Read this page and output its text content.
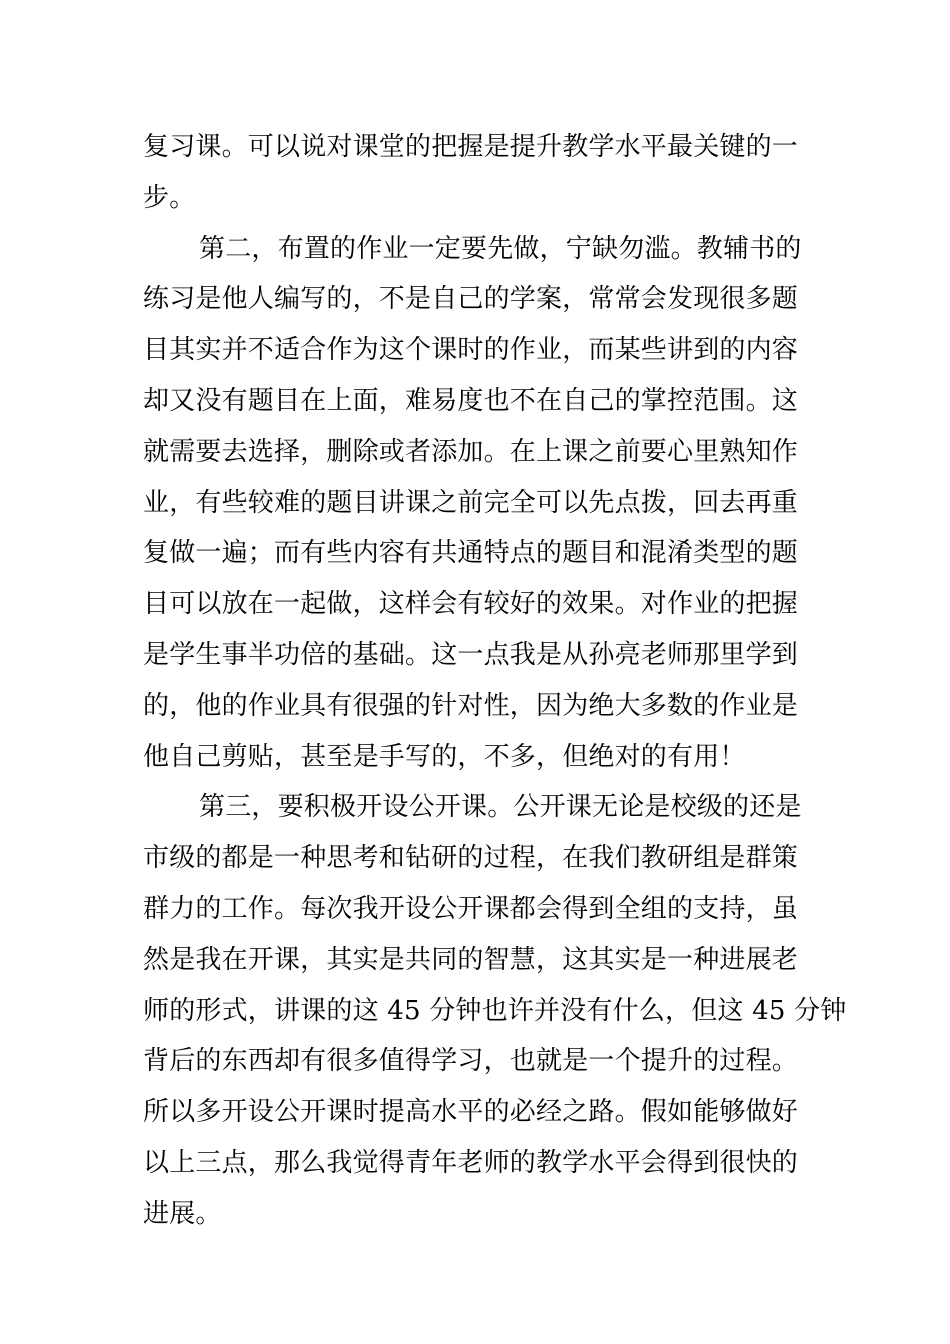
复习课。可以说对课堂的把握是提升教学水平最关键的一
步。
第二，布置的作业一定要先做，宁缺勿滥。教辅书的
练习是他人编写的，不是自己的学案，常常会发现很多题
目其实并不适合作为这个课时的作业，而某些讲到的内容
却又没有题目在上面，难易度也不在自己的掌控范围。这
就需要去选择，删除或者添加。在上课之前要心里熟知作
业，有些较难的题目讲课之前完全可以先点拨，回去再重
复做一遍；而有些内容有共通特点的题目和混淆类型的题
目可以放在一起做，这样会有较好的效果。对作业的把握
是学生事半功倍的基础。这一点我是从孙亮老师那里学到
的，他的作业具有很强的针对性，因为绝大多数的作业是
他自己剪贴，甚至是手写的，不多，但绝对的有用！
第三，要积极开设公开课。公开课无论是校级的还是
市级的都是一种思考和钻研的过程，在我们教研组是群策
群力的工作。每次我开设公开课都会得到全组的支持，虽
然是我在开课，其实是共同的智慧，这其实是一种进展老
师的形式，讲课的这 45 分钟也许并没有什么，但这 45 分钟
背后的东西却有很多值得学习，也就是一个提升的过程。
所以多开设公开课时提高水平的必经之路。假如能够做好
以上三点，那么我觉得青年老师的教学水平会得到很快的
进展。
